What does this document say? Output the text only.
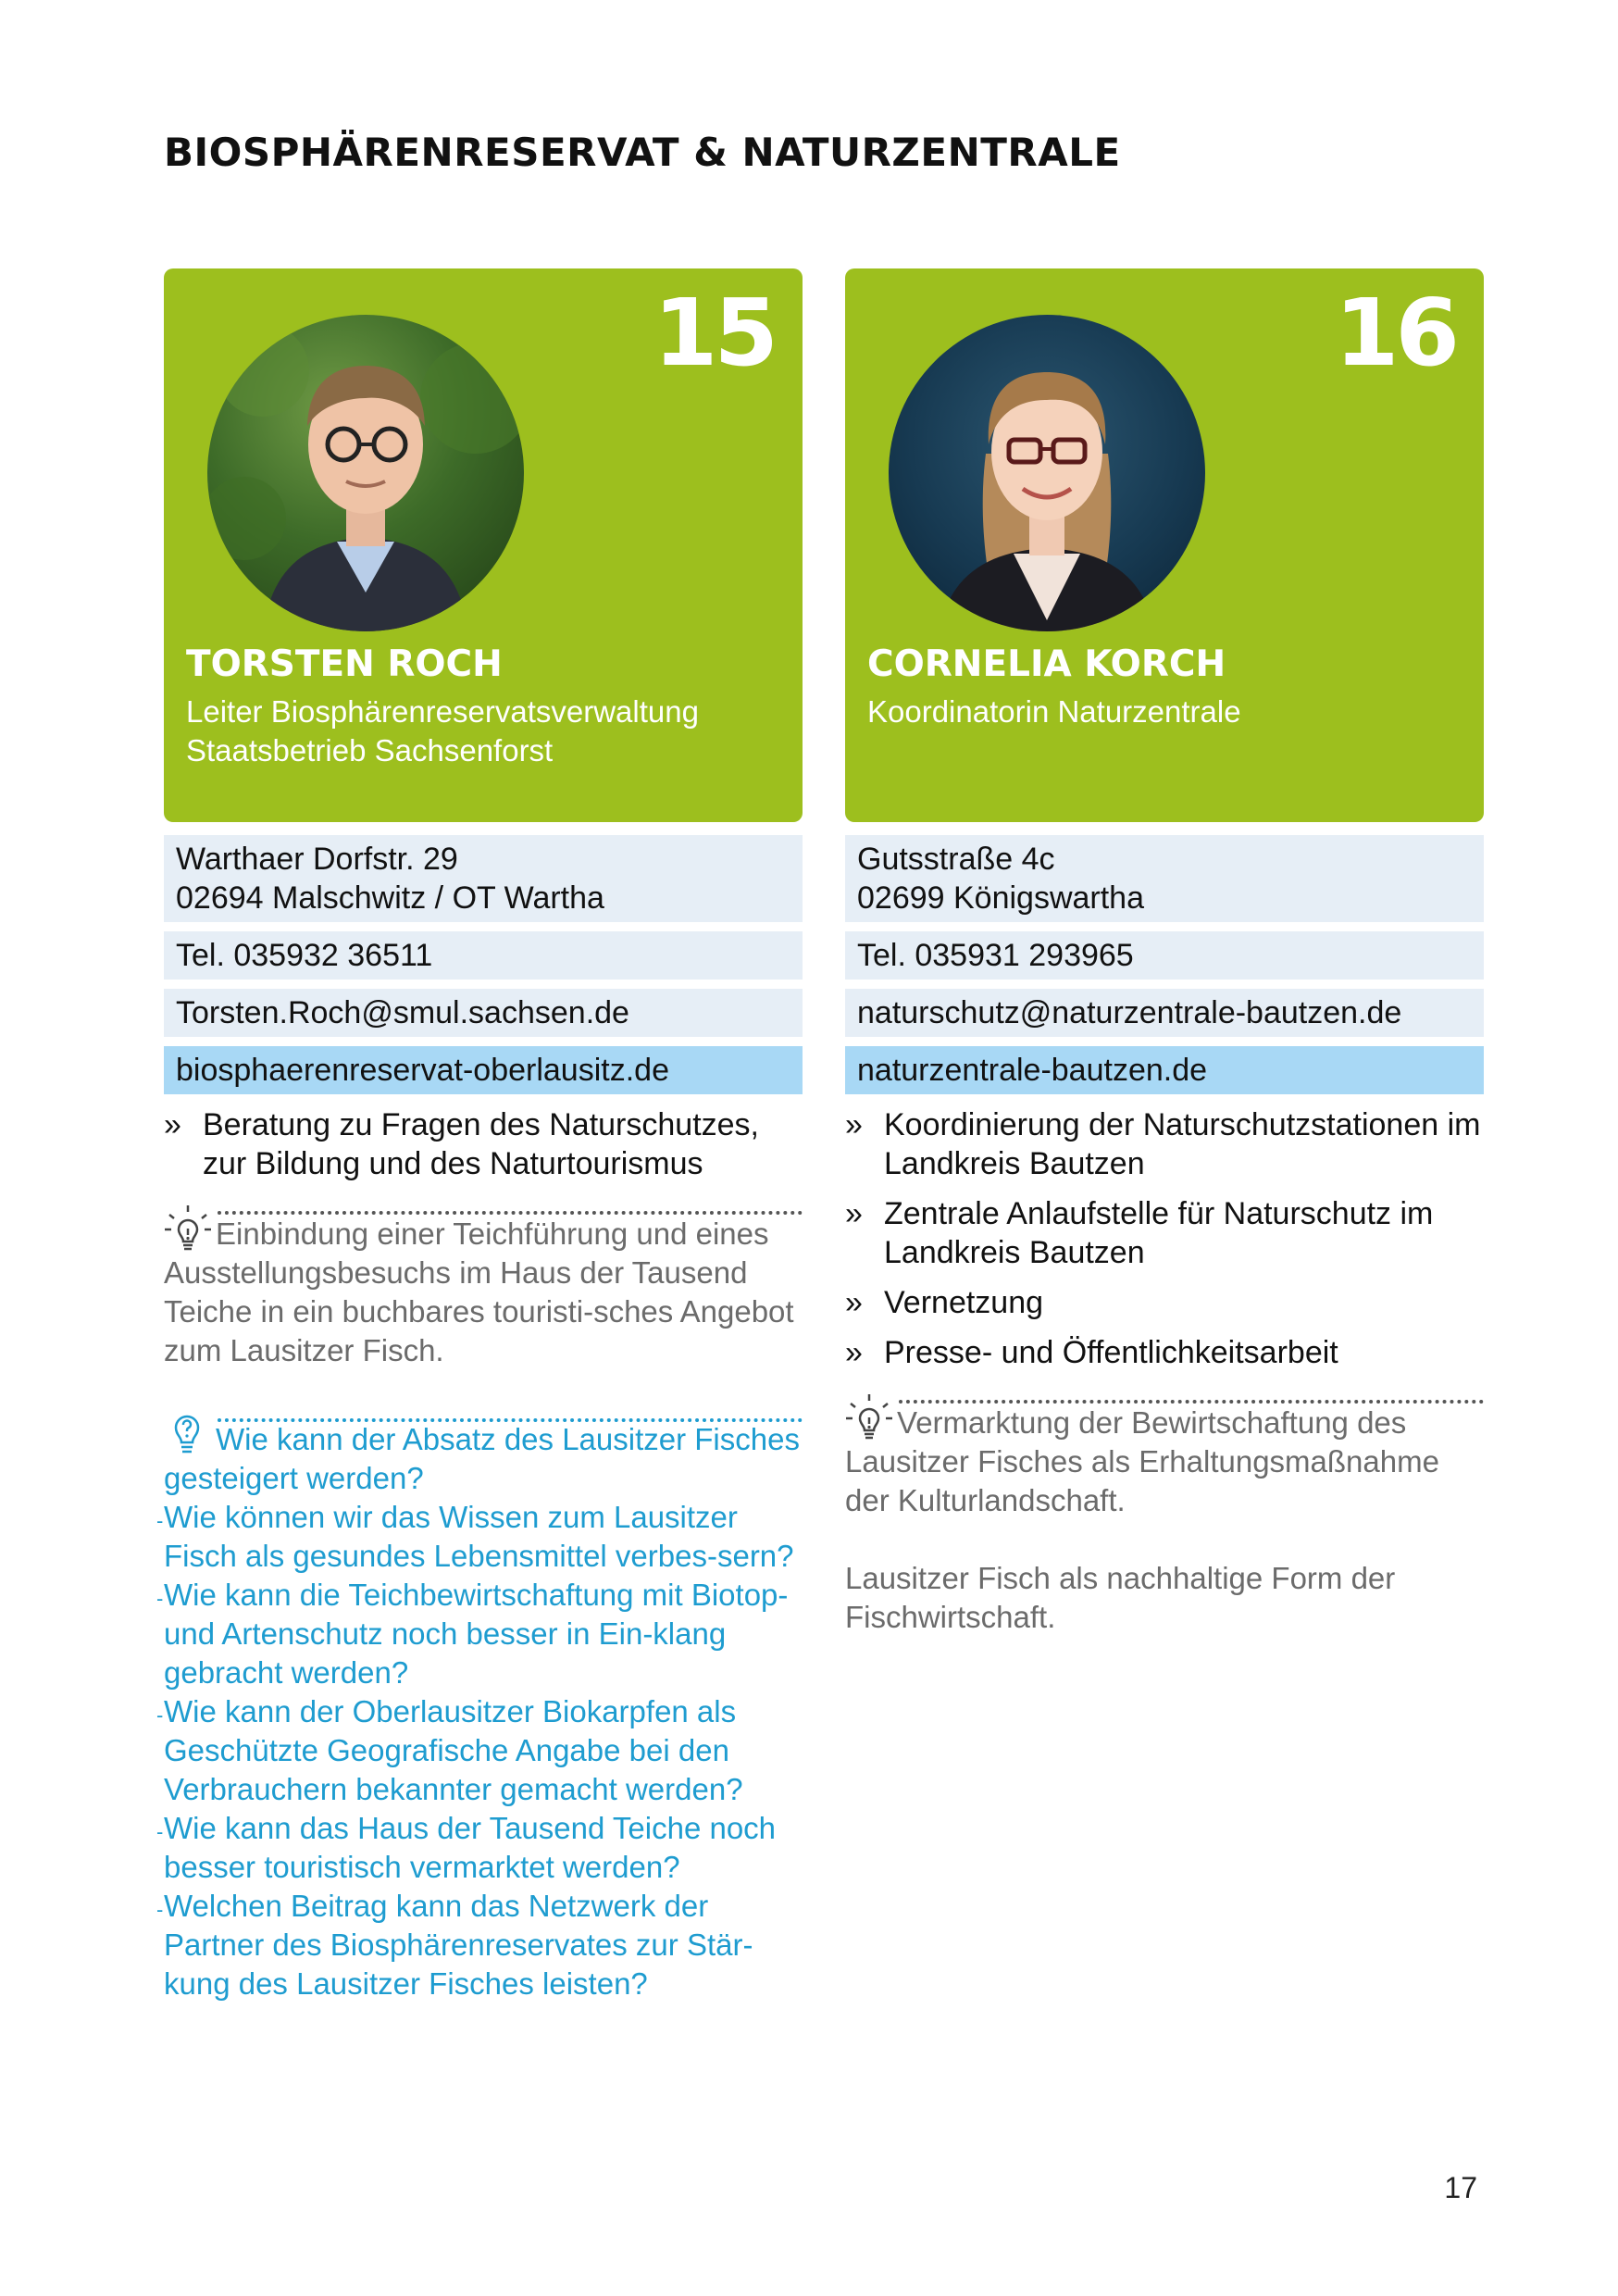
BIOSPHÄRENRESERVAT & NATURZENTRALE
15
TORSTEN ROCH
Leiter Biosphärenreservatsverwaltung
Staatsbetrieb Sachsenforst
Warthaer Dorfstr. 29
02694 Malschwitz / OT Wartha
Tel. 035932 36511
Torsten.Roch@smul.sachsen.de
biosphaerenreservat-oberlausitz.de
» Beratung zu Fragen des Naturschutzes, zur Bildung und des Naturtourismus

Einbindung einer Teichführung und eines Ausstellungsbesuchs im Haus der Tausend Teiche in ein buchbares touristi-sches Angebot zum Lausitzer Fisch.

Wie kann der Absatz des Lausitzer Fisches gesteigert werden?
- Wie können wir das Wissen zum Lausitzer Fisch als gesundes Lebensmittel verbes-sern?
- Wie kann die Teichbewirtschaftung mit Biotop- und Artenschutz noch besser in Ein-klang gebracht werden?
- Wie kann der Oberlausitzer Biokarpfen als Geschützte Geografische Angabe bei den Verbrauchern bekannter gemacht werden?
- Wie kann das Haus der Tausend Teiche noch besser touristisch vermarktet werden?
- Welchen Beitrag kann das Netzwerk der Partner des Biosphärenreservates zur Stär-kung des Lausitzer Fisches leisten?
16
CORNELIA KORCH
Koordinatorin Naturzentrale
Gutsstraße 4c
02699 Königswartha
Tel. 035931 293965
naturschutz@naturzentrale-bautzen.de
naturzentrale-bautzen.de
» Koordinierung der Naturschutzstationen im Landkreis Bautzen
» Zentrale Anlaufstelle für Naturschutz im Landkreis Bautzen
» Vernetzung
» Presse- und Öffentlichkeitsarbeit

Vermarktung der Bewirtschaftung des Lausitzer Fisches als Erhaltungsmaßnahme der Kulturlandschaft.

Lausitzer Fisch als nachhaltige Form der Fischwirtschaft.

17
